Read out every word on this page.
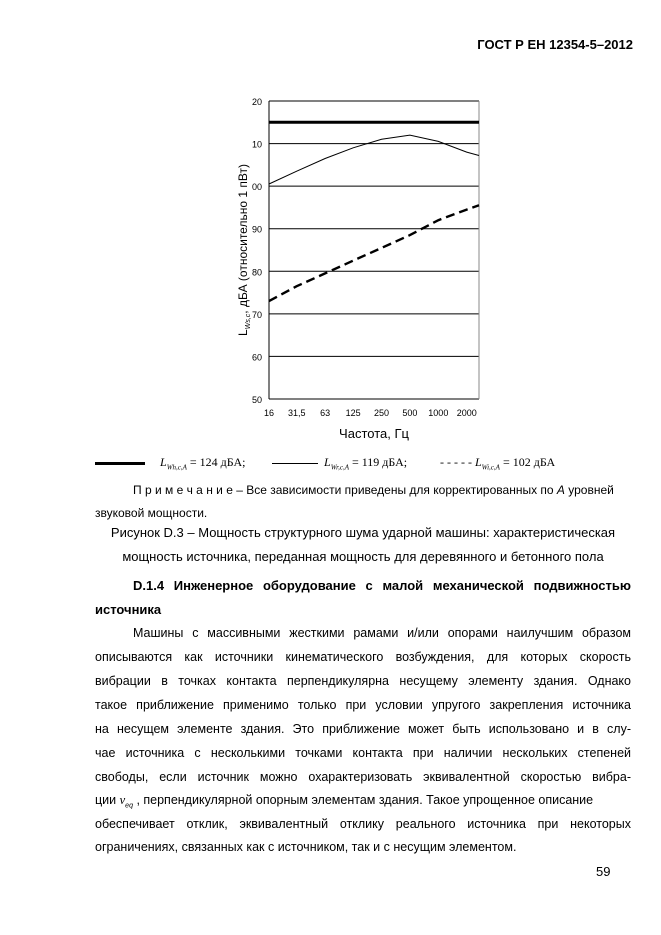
ГОСТ Р ЕН 12354-5–2012
50
60
70
80
90
00
10
20
16 31,5 63 125 250 500 1000 2000
Частота, Гц
$L_{Ws,c}$, дБА (относительно 1 пВт)
$L_{Wh,c,A} = 124$ дБА;	$L_{Wr,c,A} = 119$ дБА;	- - - - - $L_{Wi,c,A} = 102$ дБА
П р и м е ч а н и е – Все зависимости приведены для корректированных по А уровней
звуковой мощности.
Рисунок D.3 – Мощность структурного шума ударной машины: характеристическая
мощность источника, переданная мощность для деревянного и бетонного пола
D.1.4 Инженерное оборудование с малой механической подвижностью
источника
Машины с массивными жесткими рамами и/или опорами наилучшим образом
описываются как источники кинематического возбуждения, для которых скорость
вибрации в точках контакта перпендикулярна несущему элементу здания. Однако
такое приближение применимо только при условии упругого закрепления источника
на несущем элементе здания. Это приближение может быть использовано и в слу-
чае источника с несколькими точками контакта при наличии нескольких степеней
свободы, если источник можно охарактеризовать эквивалентной скоростью вибра-
ции $v_{eq}$ , перпендикулярной опорным элементам здания. Такое упрощенное описание
обеспечивает отклик, эквивалентный отклику реального источника при некоторых
ограничениях, связанных как с источником, так и с несущим элементом.
59
